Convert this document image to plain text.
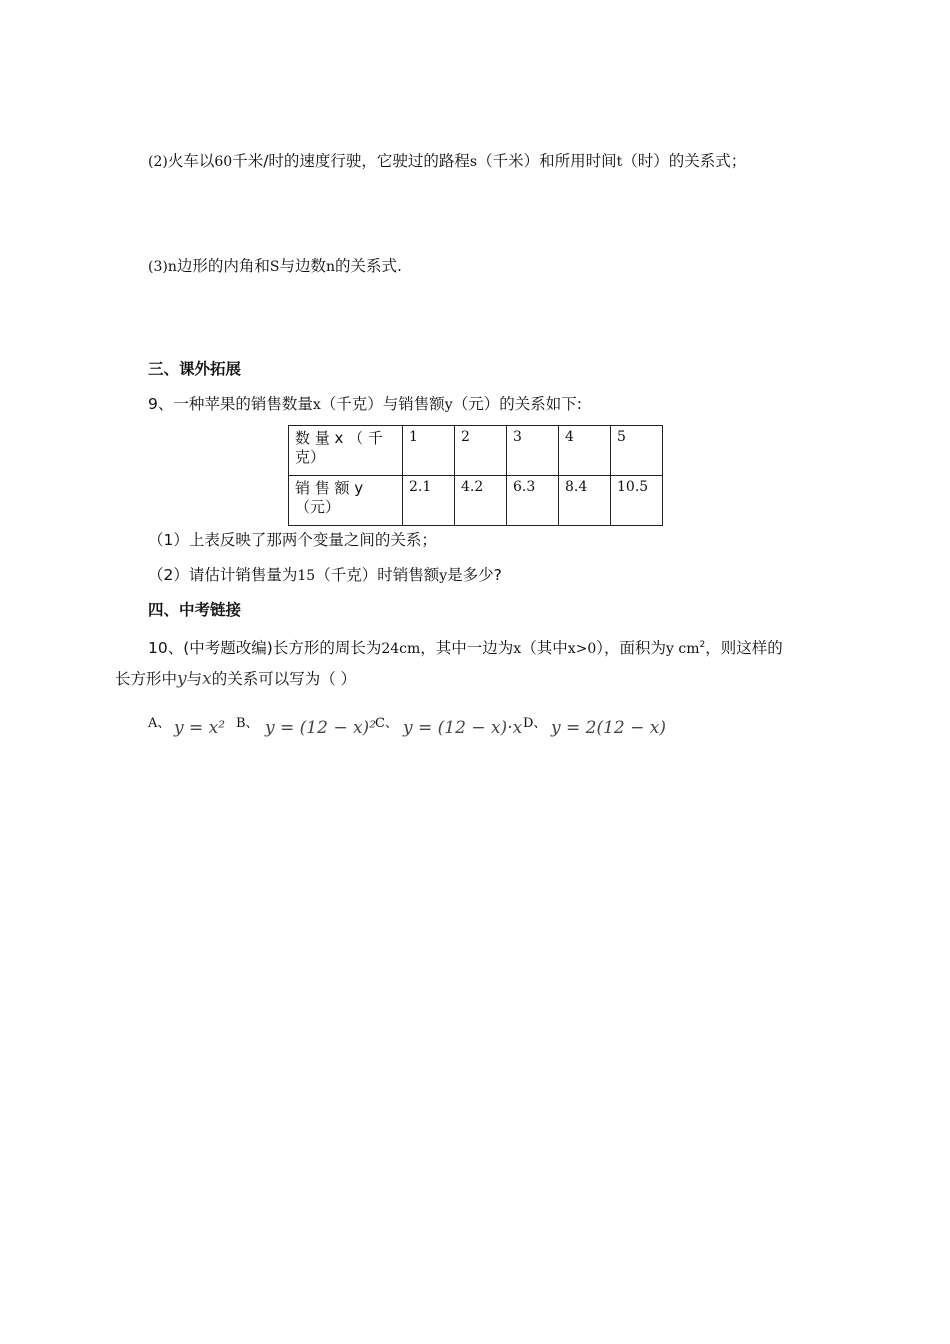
(2)火车以60千米/时的速度行驶，它驶过的路程s（千米）和所用时间t（时）的关系式；
(3)n边形的内角和S与边数n的关系式.
三、课外拓展
9、一种苹果的销售数量x（千克）与销售额y（元）的关系如下:
数 量 x （ 千
克）	1	2	3	4	5

销 售 额 y
（元）	2.1	4.2	6.3	8.4	10.5
（1）上表反映了那两个变量之间的关系；
（2）请估计销售量为15（千克）时销售额y是多少?
四、中考链接
10、(中考题改编)长方形的周长为24cm，其中一边为x（其中x>0），面积为y $cm^2$，则这样的
长方形中y与x的关系可以写为（ ）
A、 y = x² B、 y = (12 − x)²
C、 y = (12 − x)·x D、 y = 2(12 − x)
